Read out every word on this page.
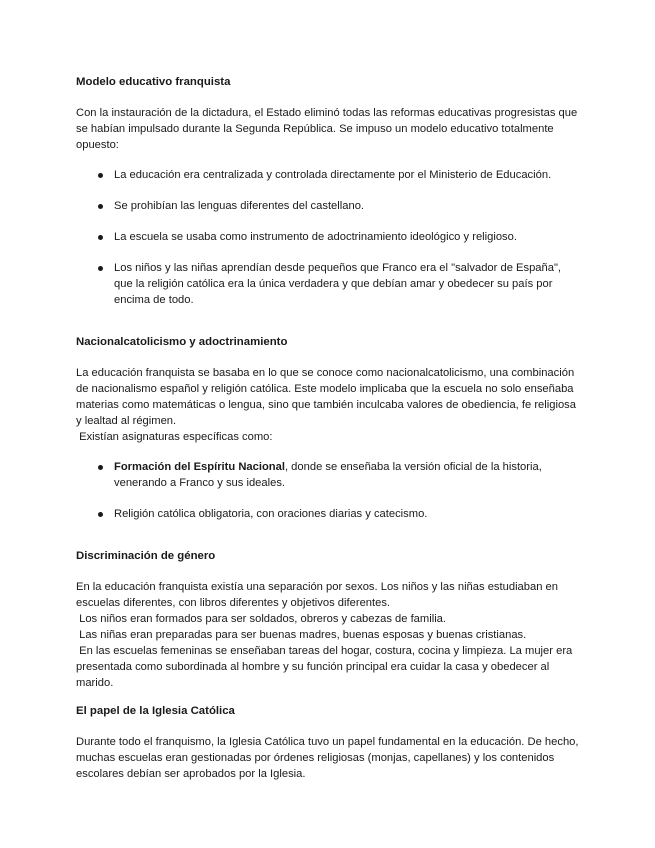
Modelo educativo franquista

Con la instauración de la dictadura, el Estado eliminó todas las reformas educativas progresistas que se habían impulsado durante la Segunda República. Se impuso un modelo educativo totalmente opuesto:

La educación era centralizada y controlada directamente por el Ministerio de Educación.
Se prohibían las lenguas diferentes del castellano.
La escuela se usaba como instrumento de adoctrinamiento ideológico y religioso.
Los niños y las niñas aprendían desde pequeños que Franco era el "salvador de España", que la religión católica era la única verdadera y que debían amar y obedecer su país por encima de todo.
Nacionalcatolicismo y adoctrinamiento

La educación franquista se basaba en lo que se conoce como nacionalcatolicismo, una combinación de nacionalismo español y religión católica. Este modelo implicaba que la escuela no solo enseñaba materias como matemáticas o lengua, sino que también inculcaba valores de obediencia, fe religiosa y lealtad al régimen.

Existían asignaturas específicas como:

Formación del Espíritu Nacional, donde se enseñaba la versión oficial de la historia, venerando a Franco y sus ideales.
Religión católica obligatoria, con oraciones diarias y catecismo.
Discriminación de género

En la educación franquista existía una separación por sexos. Los niños y las niñas estudiaban en escuelas diferentes, con libros diferentes y objetivos diferentes.

Los niños eran formados para ser soldados, obreros y cabezas de familia.

Las niñas eran preparadas para ser buenas madres, buenas esposas y buenas cristianas.

En las escuelas femeninas se enseñaban tareas del hogar, costura, cocina y limpieza. La mujer era presentada como subordinada al hombre y su función principal era cuidar la casa y obedecer al marido.

El papel de la Iglesia Católica

Durante todo el franquismo, la Iglesia Católica tuvo un papel fundamental en la educación. De hecho, muchas escuelas eran gestionadas por órdenes religiosas (monjas, capellanes) y los contenidos escolares debían ser aprobados por la Iglesia.
